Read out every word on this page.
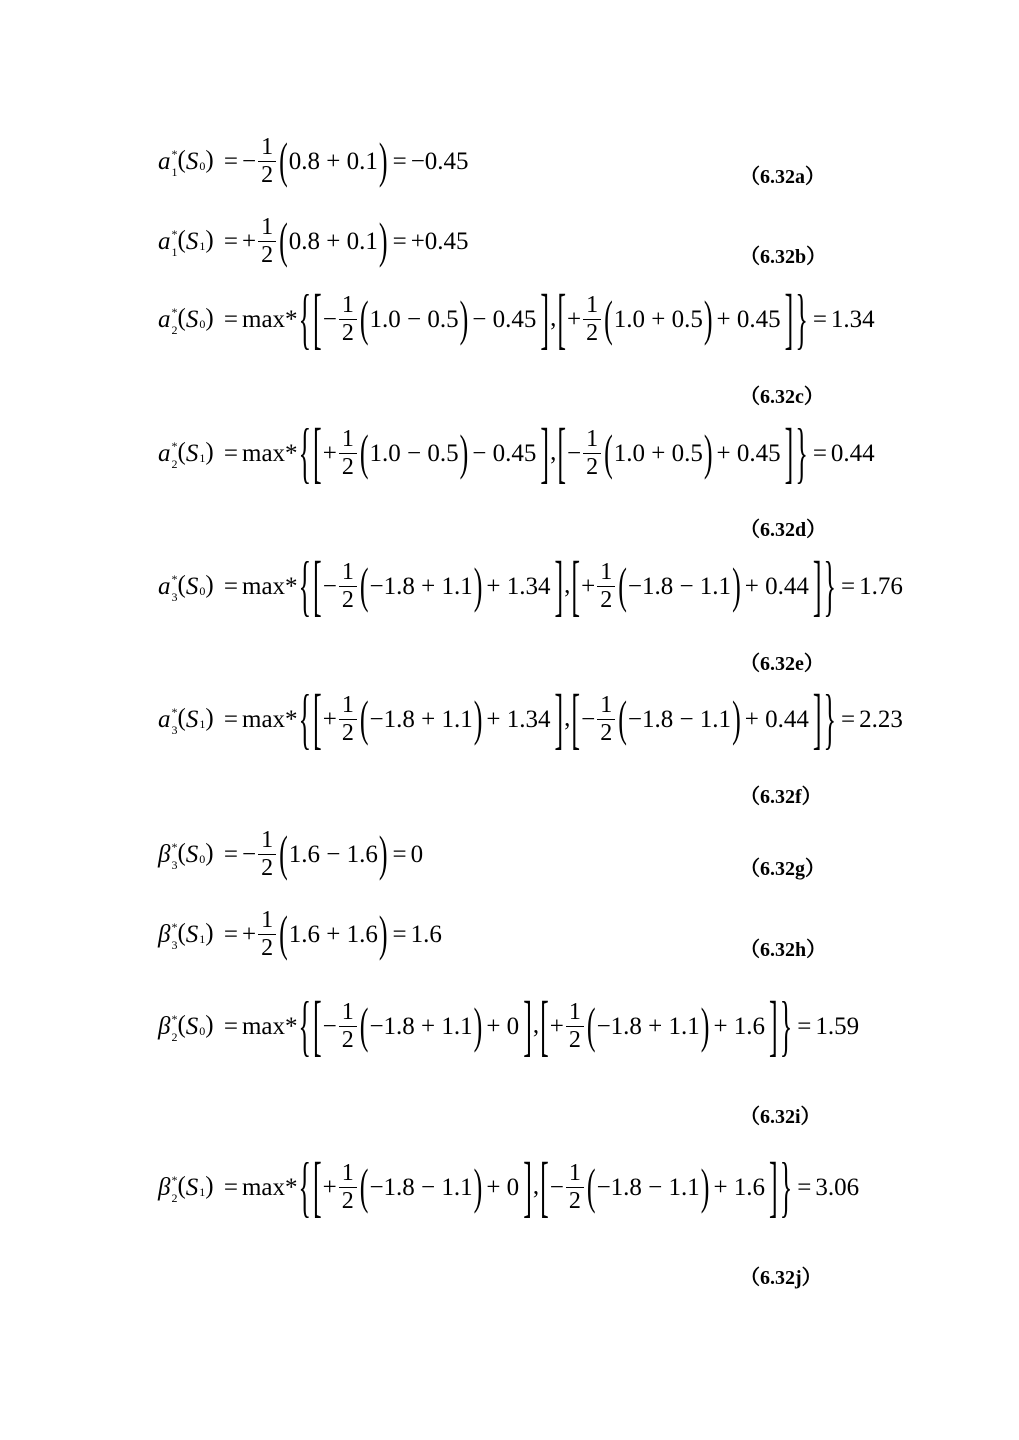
a *
1 (S 0 ) = − $\frac{1}{2} (0.8 + 0.1) = -0.45$
（6.32a）
a *
1 (S 1 ) = + $\frac{1}{2} (0.8 + 0.1) = +0.45$
（6.32b）
a *
2 (S 0 ) = $\max*\{[- \frac{1}{2} (1.0 - 0.5) - 0.45$ ],[+ $\frac{1}{2} (1.0 + 0.5) + 0.45$ ]} = 1.34
（6.32c）
a *
2 (S 1 ) = $\max*\{[+ \frac{1}{2} (1.0 - 0.5) - 0.45$ ],[− $\frac{1}{2} (1.0 + 0.5) + 0.45$ ]} = 0.44
（6.32d）
a *
3 (S 0 ) = $\max*\{[- \frac{1}{2} (-1.8 + 1.1) + 1.34$ ],[+ $\frac{1}{2} (-1.8 - 1.1) + 0.44$ ]} = 1.76
（6.32e）
a *
3 (S 1 ) = $\max*\{[+ \frac{1}{2} (-1.8 + 1.1) + 1.34$ ],[− $\frac{1}{2} (-1.8 - 1.1) + 0.44$ ]} = 2.23
（6.32f）
β *
3 (S 0 ) = − $\frac{1}{2} (1.6 - 1.6) = 0$
（6.32g）
β *
3 (S 1 ) = + $\frac{1}{2} (1.6 + 1.6) = 1.6$
（6.32h）
β *
2 (S 0 ) = $\max*\{[- \frac{1}{2} (-1.8 + 1.1) + 0$ ],[+ $\frac{1}{2} (-1.8 + 1.1) + 1.6$ ]} = 1.59
（6.32i）
β *
2 (S 1 ) = $\max*\{[+ \frac{1}{2} (-1.8 - 1.1) + 0$ ],[− $\frac{1}{2} (-1.8 - 1.1) + 1.6$ ]} = 3.06
（6.32j）
